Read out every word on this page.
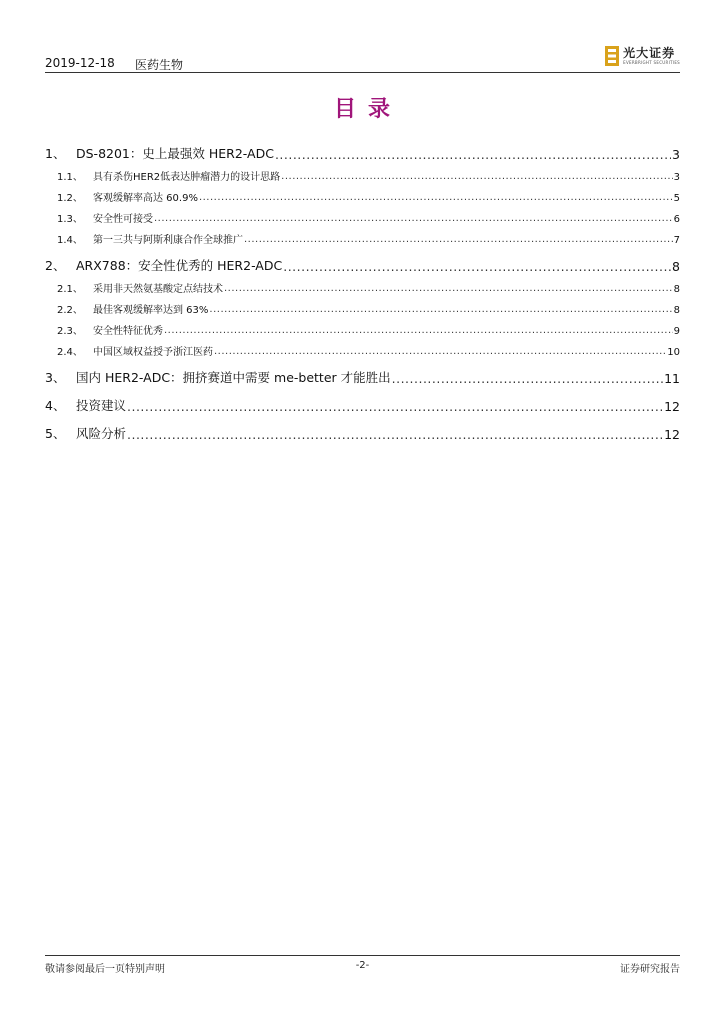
2019-12-18 医药生物
光大证券
EVERBRIGHT SECURITIES
目录
1、 DS-8201：史上最强效 HER2-ADC .....	3
1.1、	具有杀伤HER2低表达肿瘤潜力的设计思路 .....	3
1.2、	客观缓解率高达 60.9% .....	5
1.3、	安全性可接受 .....	6
1.4、	第一三共与阿斯利康合作全球推广 .....	7
2、 ARX788：安全性优秀的 HER2-ADC .....	8
2.1、	采用非天然氨基酸定点结技术 .....	8
2.2、	最佳客观缓解率达到 63% .....	8
2.3、	安全性特征优秀 .....	9
2.4、	中国区域权益授予浙江医药 .....	10
3、 国内 HER2-ADC：拥挤赛道中需要 me-better 才能胜出 .....	11
4、 投资建议 .....	12
5、 风险分析 .....	12
敬请参阅最后一页特别声明	-2-	证券研究报告
